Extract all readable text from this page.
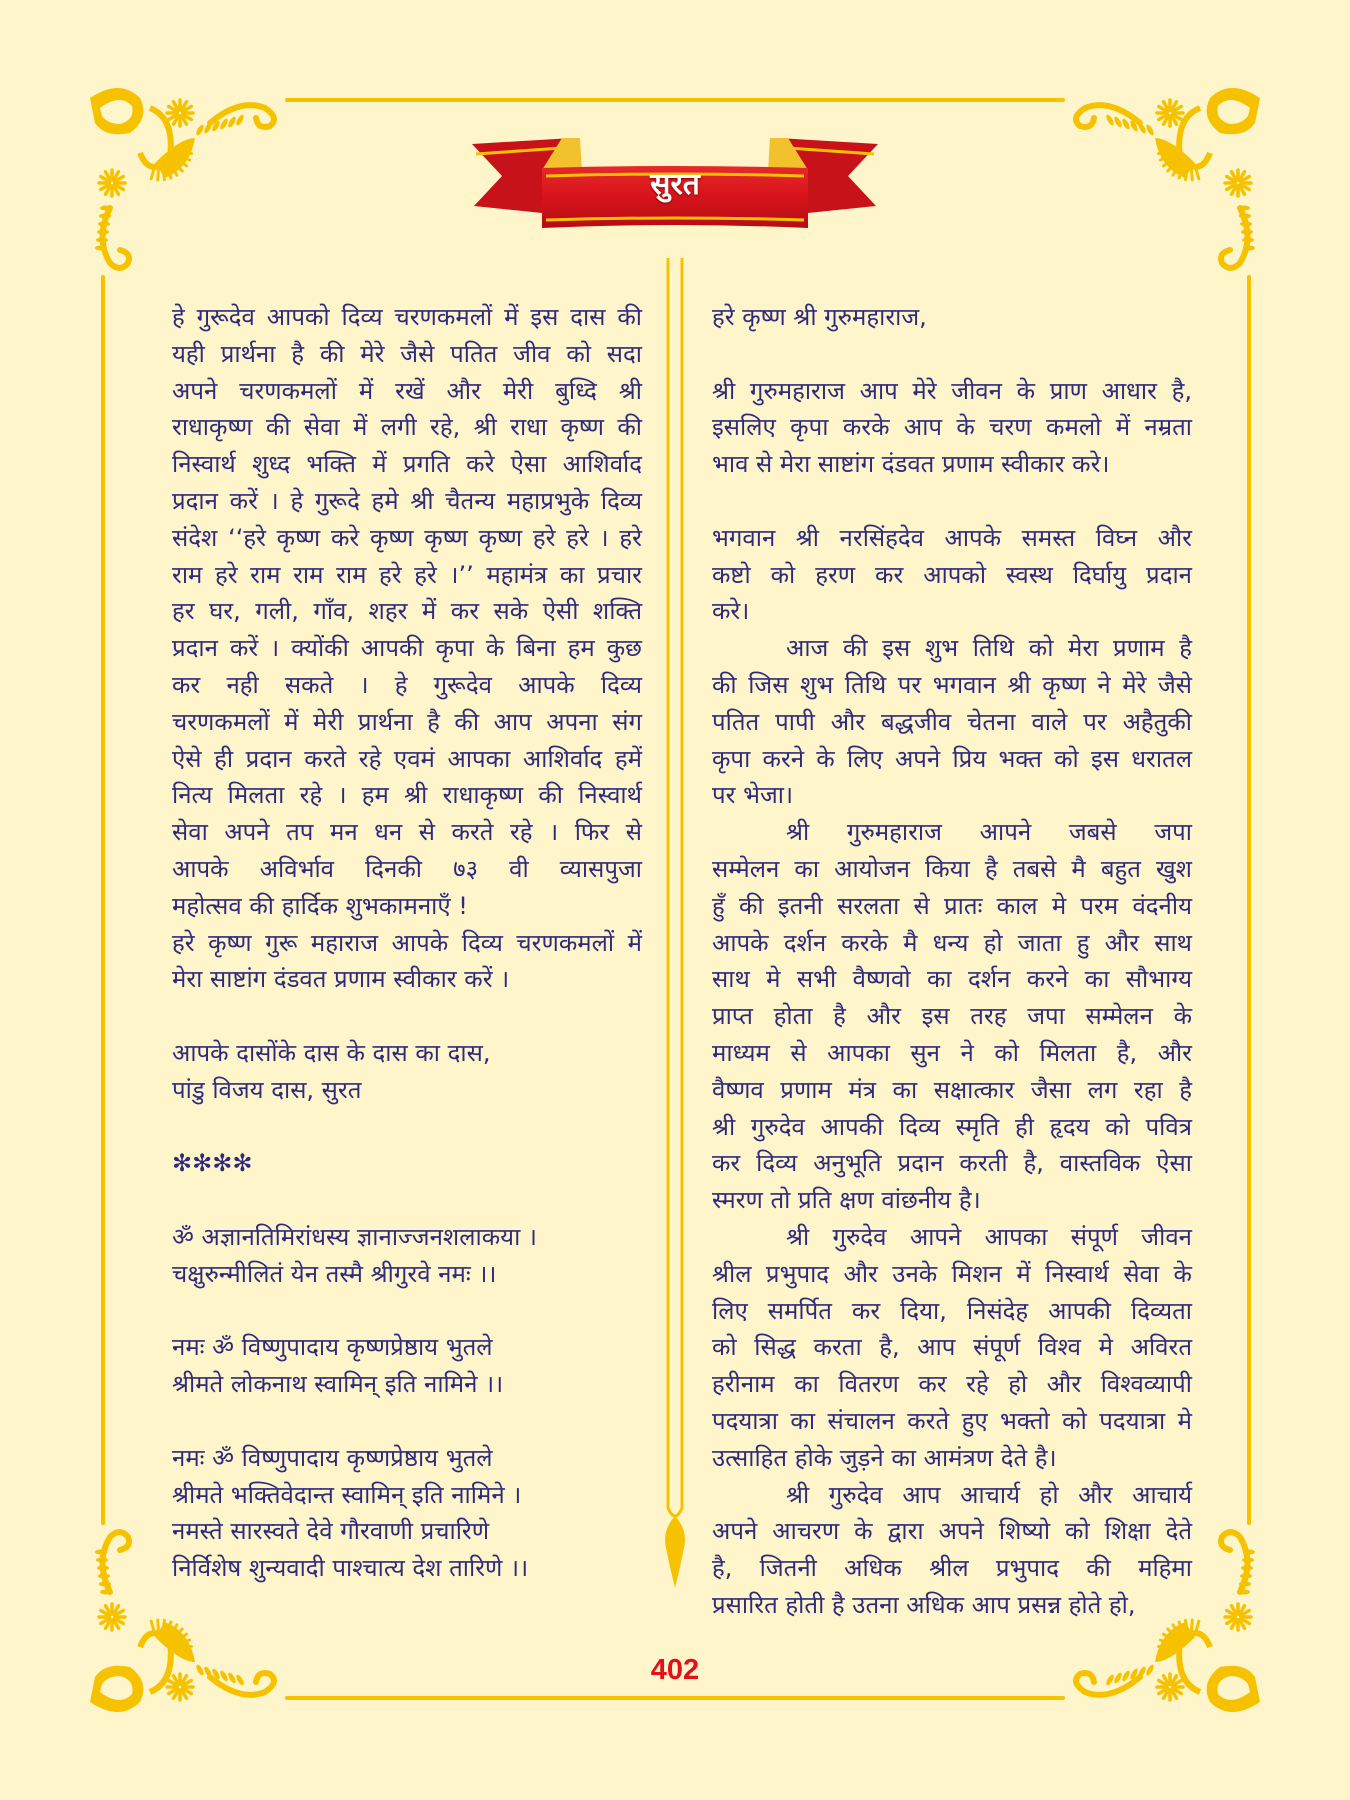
सुरत
हे गुरूदेव आपको दिव्य चरणकमलों में इस दास की
यही प्रार्थना है की मेरे जैसे पतित जीव को सदा
अपने चरणकमलों में रखें और मेरी बुध्दि श्री
राधाकृष्ण की सेवा में लगी रहे, श्री राधा कृष्ण की
निस्वार्थ शुध्द भक्ति में प्रगति करे ऐसा आशिर्वाद
प्रदान करें । हे गुरूदे हमे श्री चैतन्य महाप्रभुके दिव्य
संदेश ‘‘हरे कृष्ण करे कृष्ण कृष्ण कृष्ण हरे हरे । हरे
राम हरे राम राम राम हरे हरे ।’’ महामंत्र का प्रचार
हर घर, गली, गाँव, शहर में कर सके ऐसी शक्ति
प्रदान करें । क्योंकी आपकी कृपा के बिना हम कुछ
कर नही सकते । हे गुरूदेव आपके दिव्य
चरणकमलों में मेरी प्रार्थना है की आप अपना संग
ऐसे ही प्रदान करते रहे एवमं आपका आशिर्वाद हमें
नित्य मिलता रहे । हम श्री राधाकृष्ण की निस्वार्थ
सेवा अपने तप मन धन से करते रहे । फिर से
आपके अविर्भाव दिनकी ७३ वी व्यासपुजा
महोत्सव की हार्दिक शुभकामनाएँ !
हरे कृष्ण गुरू महाराज आपके दिव्य चरणकमलों में
मेरा साष्टांग दंडवत प्रणाम स्वीकार करें ।
आपके दासोंके दास के दास का दास,
पांडु विजय दास, सुरत
✻✻✻✻
ॐ अज्ञानतिमिरांधस्य ज्ञानाज्जनशलाकया ।
चक्षुरुन्मीलितं येन तस्मै श्रीगुरवे नमः ।।
नमः ॐ विष्णुपादाय कृष्णप्रेष्ठाय भुतले
श्रीमते लोकनाथ स्वामिन् इति नामिने ।।
नमः ॐ विष्णुपादाय कृष्णप्रेष्ठाय भुतले
श्रीमते भक्तिवेदान्त स्वामिन् इति नामिने ।
नमस्ते सारस्वते देवे गौरवाणी प्रचारिणे
निर्विशेष शुन्यवादी पाश्चात्य देश तारिणे ।।
हरे कृष्ण श्री गुरुमहाराज,
श्री गुरुमहाराज आप मेरे जीवन के प्राण आधार है,
इसलिए कृपा करके आप के चरण कमलो में नम्रता
भाव से मेरा साष्टांग दंडवत प्रणाम स्वीकार करे।
भगवान श्री नरसिंहदेव आपके समस्त विघ्न और
कष्टो को हरण कर आपको स्वस्थ दिर्घायु प्रदान
करे।
आज की इस शुभ तिथि को मेरा प्रणाम है
की जिस शुभ तिथि पर भगवान श्री कृष्ण ने मेरे जैसे
पतित पापी और बद्धजीव चेतना वाले पर अहैतुकी
कृपा करने के लिए अपने प्रिय भक्त को इस धरातल
पर भेजा।
श्री गुरुमहाराज आपने जबसे जपा
सम्मेलन का आयोजन किया है तबसे मै बहुत खुश
हुँ की इतनी सरलता से प्रातः काल मे परम वंदनीय
आपके दर्शन करके मै धन्य हो जाता हु और साथ
साथ मे सभी वैष्णवो का दर्शन करने का सौभाग्य
प्राप्त होता है और इस तरह जपा सम्मेलन के
माध्यम से आपका सुन ने को मिलता है, और
वैष्णव प्रणाम मंत्र का सक्षात्कार जैसा लग रहा है
श्री गुरुदेव आपकी दिव्य स्मृति ही हृदय को पवित्र
कर दिव्य अनुभूति प्रदान करती है, वास्तविक ऐसा
स्मरण तो प्रति क्षण वांछनीय है।
श्री गुरुदेव आपने आपका संपूर्ण जीवन
श्रील प्रभुपाद और उनके मिशन में निस्वार्थ सेवा के
लिए समर्पित कर दिया, निसंदेह आपकी दिव्यता
को सिद्ध करता है, आप संपूर्ण विश्व मे अविरत
हरीनाम का वितरण कर रहे हो और विश्वव्यापी
पदयात्रा का संचालन करते हुए भक्तो को पदयात्रा मे
उत्साहित होके जुड़ने का आमंत्रण देते है।
श्री गुरुदेव आप आचार्य हो और आचार्य
अपने आचरण के द्वारा अपने शिष्यो को शिक्षा देते
है, जितनी अधिक श्रील प्रभुपाद की महिमा
प्रसारित होती है उतना अधिक आप प्रसन्न होते हो,
402
